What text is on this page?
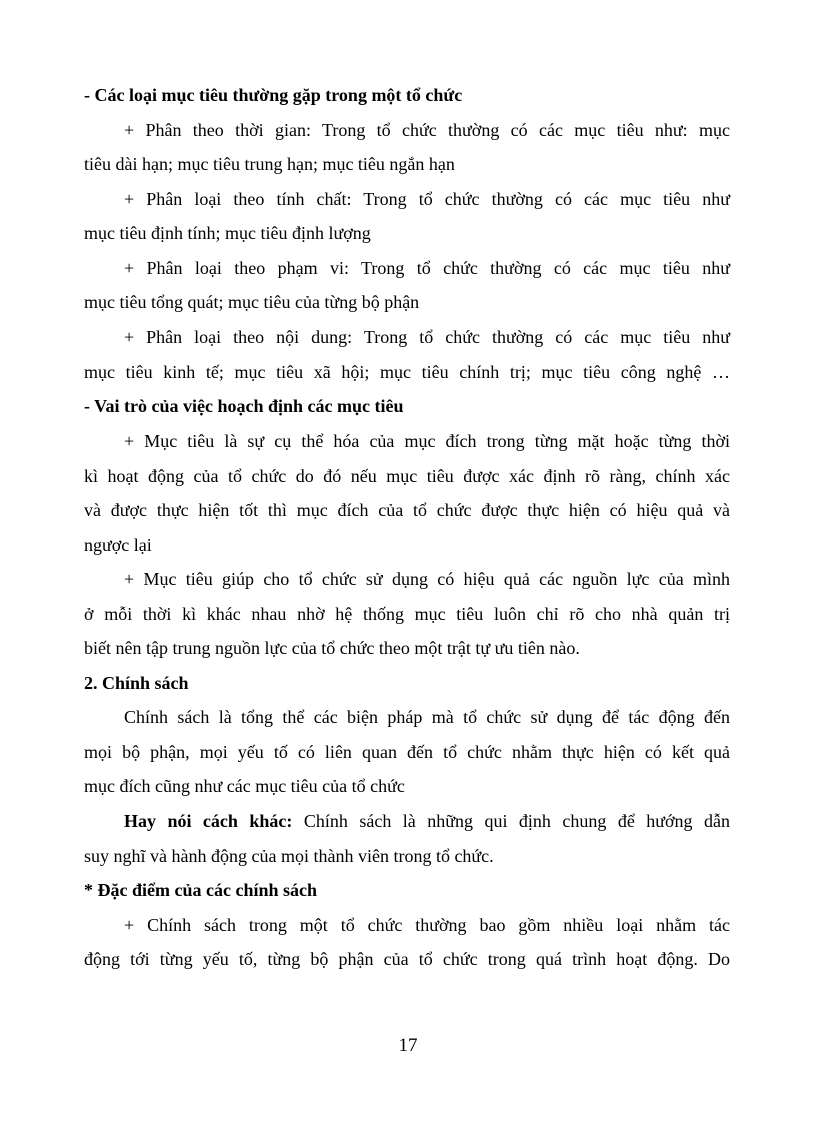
- Các loại mục tiêu thường gặp trong một tổ chức
+ Phân theo thời gian: Trong tổ chức thường có các mục tiêu như: mục
tiêu dài hạn; mục tiêu trung hạn; mục tiêu ngắn hạn
+ Phân loại theo tính chất: Trong tổ chức thường có các mục tiêu như
mục tiêu định tính; mục tiêu định lượng
+ Phân loại theo phạm vi: Trong tổ chức thường có các mục tiêu như
mục tiêu tổng quát; mục tiêu của từng bộ phận
+ Phân loại theo nội dung: Trong tổ chức thường có các mục tiêu như
mục tiêu kinh tế; mục tiêu xã hội; mục tiêu chính trị; mục tiêu công nghệ …
- Vai trò của việc hoạch định các mục tiêu
+ Mục tiêu là sự cụ thể hóa của mục đích trong từng mặt hoặc từng thời
kì hoạt động của tổ chức do đó nếu mục tiêu được xác định rõ ràng, chính xác
và được thực hiện tốt thì mục đích của tổ chức được thực hiện có hiệu quả và
ngược lại
+ Mục tiêu giúp cho tổ chức sử dụng có hiệu quả các nguồn lực của mình
ở mỗi thời kì khác nhau nhờ hệ thống mục tiêu luôn chỉ rõ cho nhà quản trị
biết nên tập trung nguồn lực của tổ chức theo một trật tự ưu tiên nào.
2. Chính sách
Chính sách là tổng thể các biện pháp mà tổ chức sử dụng để tác động đến
mọi bộ phận, mọi yếu tố có liên quan đến tổ chức nhằm thực hiện có kết quả
mục đích cũng như các mục tiêu của tổ chức
Hay nói cách khác: Chính sách là những qui định chung để hướng dẫn
suy nghĩ và hành động của mọi thành viên trong tổ chức.
* Đặc điểm của các chính sách
+ Chính sách trong một tổ chức thường bao gồm nhiều loại nhằm tác
động tới từng yếu tố, từng bộ phận của tổ chức trong quá trình hoạt động. Do
17
